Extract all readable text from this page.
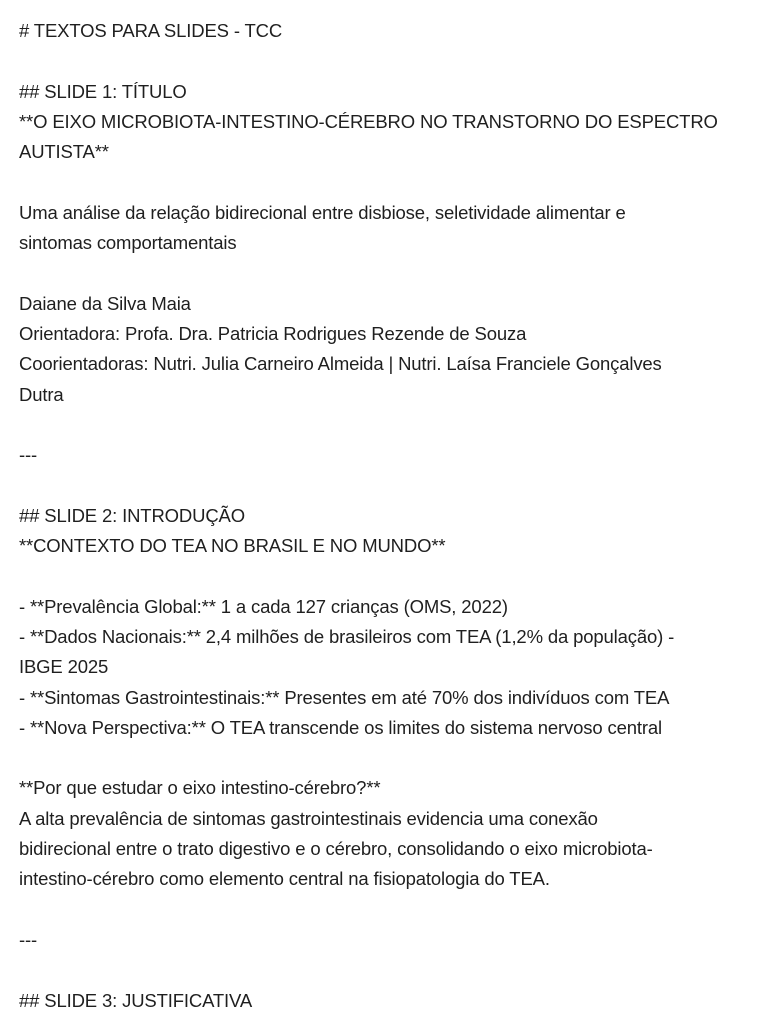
# TEXTOS PARA SLIDES - TCC
## SLIDE 1: TÍTULO
**O EIXO MICROBIOTA-INTESTINO-CÉREBRO NO TRANSTORNO DO ESPECTRO
AUTISTA**
Uma análise da relação bidirecional entre disbiose, seletividade alimentar e
sintomas comportamentais
Daiane da Silva Maia
Orientadora: Profa. Dra. Patricia Rodrigues Rezende de Souza
Coorientadoras: Nutri. Julia Carneiro Almeida | Nutri. Laísa Franciele Gonçalves
Dutra
---
## SLIDE 2: INTRODUÇÃO
**CONTEXTO DO TEA NO BRASIL E NO MUNDO**
- **Prevalência Global:** 1 a cada 127 crianças (OMS, 2022)
- **Dados Nacionais:** 2,4 milhões de brasileiros com TEA (1,2% da população) -
IBGE 2025
- **Sintomas Gastrointestinais:** Presentes em até 70% dos indivíduos com TEA
- **Nova Perspectiva:** O TEA transcende os limites do sistema nervoso central
**Por que estudar o eixo intestino-cérebro?**
A alta prevalência de sintomas gastrointestinais evidencia uma conexão
bidirecional entre o trato digestivo e o cérebro, consolidando o eixo microbiota-
intestino-cérebro como elemento central na fisiopatologia do TEA.
---
## SLIDE 3: JUSTIFICATIVA
